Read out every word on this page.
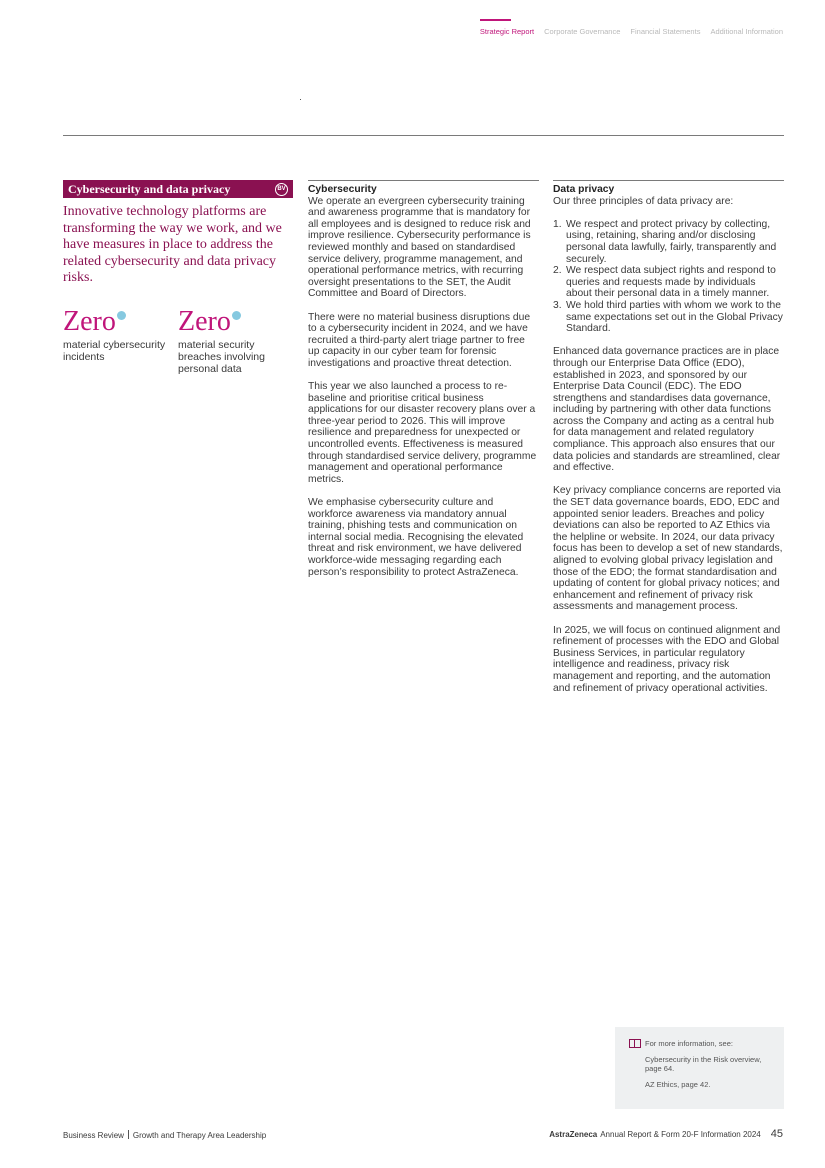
Strategic Report Corporate Governance Financial Statements Additional Information
Cybersecurity and data privacy	BV
Innovative technology platforms are transforming the way we work, and we have measures in place to address the related cybersecurity and data privacy risks.
Zero
material cybersecurity incidents
Zero
material security breaches involving personal data
Cybersecurity

We operate an evergreen cybersecurity training and awareness programme that is mandatory for all employees and is designed to reduce risk and improve resilience. Cybersecurity performance is reviewed monthly and based on standardised service delivery, programme management, and operational performance metrics, with recurring oversight presentations to the SET, the Audit Committee and Board of Directors.

There were no material business disruptions due to a cybersecurity incident in 2024, and we have recruited a third-party alert triage partner to free up capacity in our cyber team for forensic investigations and proactive threat detection.

This year we also launched a process to re-baseline and prioritise critical business applications for our disaster recovery plans over a three-year period to 2026. This will improve resilience and preparedness for unexpected or uncontrolled events. Effectiveness is measured through standardised service delivery, programme management and operational performance metrics.

We emphasise cybersecurity culture and workforce awareness via mandatory annual training, phishing tests and communication on internal social media. Recognising the elevated threat and risk environment, we have delivered workforce-wide messaging regarding each person’s responsibility to protect AstraZeneca.

Data privacy

Our three principles of data privacy are:

1. We respect and protect privacy by collecting, using, retaining, sharing and/or disclosing personal data lawfully, fairly, transparently and securely.
2. We respect data subject rights and respond to queries and requests made by individuals about their personal data in a timely manner.
3. We hold third parties with whom we work to the same expectations set out in the Global Privacy Standard.

Enhanced data governance practices are in place through our Enterprise Data Office (EDO), established in 2023, and sponsored by our Enterprise Data Council (EDC). The EDO strengthens and standardises data governance, including by partnering with other data functions across the Company and acting as a central hub for data management and related regulatory compliance. This approach also ensures that our data policies and standards are streamlined, clear and effective.

Key privacy compliance concerns are reported via the SET data governance boards, EDO, EDC and appointed senior leaders. Breaches and policy deviations can also be reported to AZ Ethics via the helpline or website. In 2024, our data privacy focus has been to develop a set of new standards, aligned to evolving global privacy legislation and those of the EDO; the format standardisation and updating of content for global privacy notices; and enhancement and refinement of privacy risk assessments and management process.

In 2025, we will focus on continued alignment and refinement of processes with the EDO and Global Business Services, in particular regulatory intelligence and readiness, privacy risk management and reporting, and the automation and refinement of privacy operational activities.

For more information, see:
Cybersecurity in the Risk overview, page 64.
AZ Ethics, page 42.
Business Review Growth and Therapy Area Leadership	AstraZeneca Annual Report & Form 20-F Information 2024 45
